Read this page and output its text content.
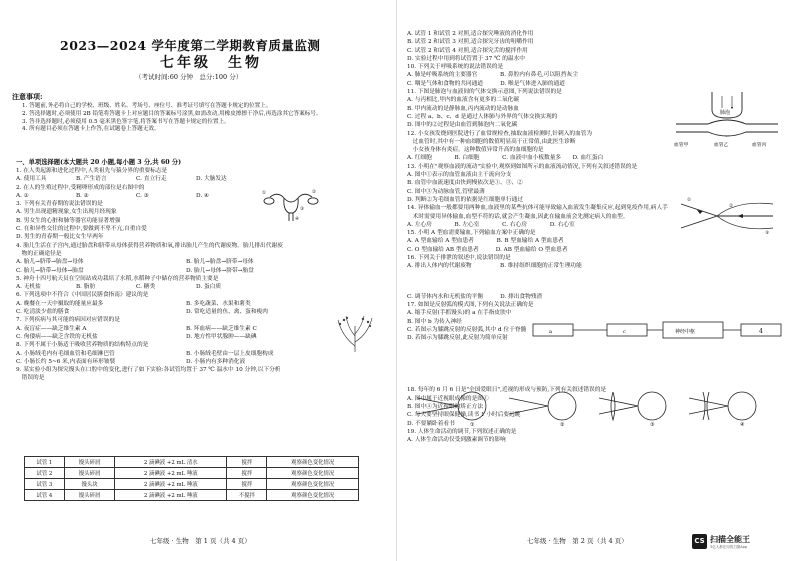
2023—2024 学年度第二学期教育质量监测
七年级　生物
（考试时间:60 分钟　总分:100 分）
注意事项:
1. 答题前,务必将自己的学校、班级、姓名、考场号、座位号、准考证号填写在答题卡规定的位置上。
2. 答选择题时,必须使用 2B 铅笔将答题卡上对应题目的答案标号涂黑,如需改动,用橡皮擦擦干净后,再选涂其它答案标号。
3. 答非选择题时,必须使用 0.5 毫米黑色签字笔,将答案书写在答题卡规定的位置上。
4. 所有题目必须在答题卡上作答,在试题卷上答题无效。
一、单项选择题(本大题共 20 小题,每小题 3 分,共 60 分)
1. 在人类起源和进化过程中,人类祖先与猿分界的重要标志是
A. 使用工具	B. 产生语言	C. 直立行走	D. 大脑发达
2. 在人的生殖过程中,受精卵形成的部位是右图中的
A. ①	B. ②	C. ③	D. ④
3. 下列有关青春期的说法错误的是
A. 男生出现遗精现象,女生出现月经现象
B. 男女生的心脏和肺等器官功能显著增强
C. 在和异性交往的过程中,要做到不卑不亢,自重自爱
D. 男生的青春期一般比女生早两年
4. 胎儿生活在子宫内,通过胎盘和脐带从母体获得营养物质和氧,排出胎儿产生的代谢废物。胎儿排出代谢废
　物的正确途径是
A. 胎儿→脐带→胎盘→母体	B. 胎儿→胎盘→脐带→母体
C. 胎儿→脐带→母体→胎盘	D. 胎儿→母体→脐带→胎盘
5. 神舟十四号航天员在空间站成功栽培了水稻,水稻种子中储存的营养物质主要是
A. 无机盐	B. 脂肪	C. 糖类	D. 蛋白质
6. 下列选项中不符合《中国居民膳食指南》建议的是
A. 晚餐在一天中摄取的能量应最多	B. 多吃蔬菜、水果和薯类
C. 吃清淡少盐的膳食	D. 常吃适量的鱼、禽、蛋和瘦肉
7. 下列疾病与其可能的病因对应错误的是
A. 夜盲症——缺乏维生素 A	B. 坏血病——缺乏维生素 C
C. 佝偻病——缺乏含铁的无机盐	D. 地方性甲状腺肿——缺碘
8. 下列不属于小肠适于吸收营养物质的结构特点的是
A. 小肠绒毛内有毛细血管和毛细淋巴管	B. 小肠绒毛壁由一层上皮细胞构成
C. 小肠长约 5~6 米,内表面有环形皱襞	D. 小肠内有多种消化液
9. 某实验小组为探究馒头在口腔中的变化,进行了如下实验:各试管均置于 37 ℃ 温水中 10 分钟,以下分析
　错误的是
①	②
③
④
试管 1	馒头碎屑	2 滴碘液 +2 mL 清水	搅拌	观察颜色变化情况
试管 2	馒头碎屑	2 滴碘液 +2 mL 唾液	搅拌	观察颜色变化情况
试管 3	馒头块	2 滴碘液 +2 mL 唾液	搅拌	观察颜色变化情况
试管 4	馒头碎屑	2 滴碘液 +2 mL 唾液	不搅拌	观察颜色变化情况
七年级 · 生物　第 1 页（共 4 页）
A. 试管 1 和试管 2 对照,适合探究唾液的消化作用
B. 试管 2 和试管 3 对照,适合探究牙齿的咀嚼作用
C. 试管 2 和试管 4 对照,适合探究舌的搅拌作用
D. 实验过程中用到将试管置于 37 ℃ 的温水中
10. 下列关于呼吸系统的说法错误的是
A. 肺是呼吸系统的主要器官　　　　B. 鼻腔内有鼻毛,可以阻挡灰尘
C. 咽是气体和食物的共同通道　　　D. 喉是气体进入肺的通道
11. 下图是肺泡与血液间的气体交换示意图,下列说法错误的是
A. 与丙相比,甲内的血液含有更多的二氧化碳
B. 甲内流动的是静脉血,丙内流动的是动脉血
C. 过程 a、b、c、d 是通过人体肺与外界的气体交换实现的
D. 图中的②过程是由血管到肺泡内二氧化碳
12. 小女孩发烧到医院进行了血常规检查,抽取血液检测时,针刺入的血管为
　过血管时,其中有一种血细胞的数值明显高于正常值,由此医生诊断
　小女孩身体有炎症。这种数值异常升高的血细胞的是
A. 红细胞　　　　B. 白细胞　　　　C. 血液中血小板数量多　　D. 血红蛋白
13. 小明在"观察血液的流动"实验中,观察到如图所示的血液流动情况,下列有关叙述错误的是
A. 图中①表示的血管血液由主干流向分支
B. 血管中血流速度由快到慢依次是①、③、②
C. 图中③为动脉血管,管壁最薄
D. 判断②为毛细血管的依据是红细胞单行通过
14. 异体输血一般都要用两种血,血液里的某些抗体可能导致输入血液发生凝集反应,起到免疫作用,病人手
　术时需要用异体输血,血型不符的话,就会产生凝血,因此在输血前会先测定病人的血型。
A. 左心房　　　　B. 左心室　　　　C. 右心房　　　　D. 右心室
15. 小明 A 型血需要输血,下列输血方案中正确的是
A. A 型血输给 A 型血患者　　　　B. B 型血输给 A 型血患者
C. O 型血输给 AB 型血患者　　　D. AB 型血输给 O 型血患者
16. 下列关于排泄的叙述中,说法错误的是
A. 排出人体内的代谢废物　　　　　B. 维持组织细胞的正常生理功能
C. 调节体内水和无机盐的平衡　　　D. 排出食物残渣
17. 如图是反射弧的模式图,下列有关说法正确的是
A. 缩手反射(手抓馒头)的 a 在手指皮肤中
B. 图中 b 为传入神经
C. 若图示为膝跳反射的反射弧,其中 d 位于脊髓
D. 若图示为膝跳反射,此反射为简单反射
18. 每年的 6 月 6 日是"全国爱眼日",近视的形成与预防,下列有关叙述错误的是
A. 图中属于近视眼成像的是图①
B. 图中④为近视眼的矫正方法
C. 每天要坚持眼保健操,读书 1 小时后要远眺
D. 不要躺卧着看书
19. 人体生命活动的调节,下列叙述正确的是
A. 人体生命活动仅受到激素调节的影响
肺泡
血管甲	血管乙	血管丙
①
②
③
a	c	神经中枢	4
①	②	③	④
七年级 · 生物　第 2 页（共 4 页）	CS 扫描全能王
3亿人都在用的扫描App
